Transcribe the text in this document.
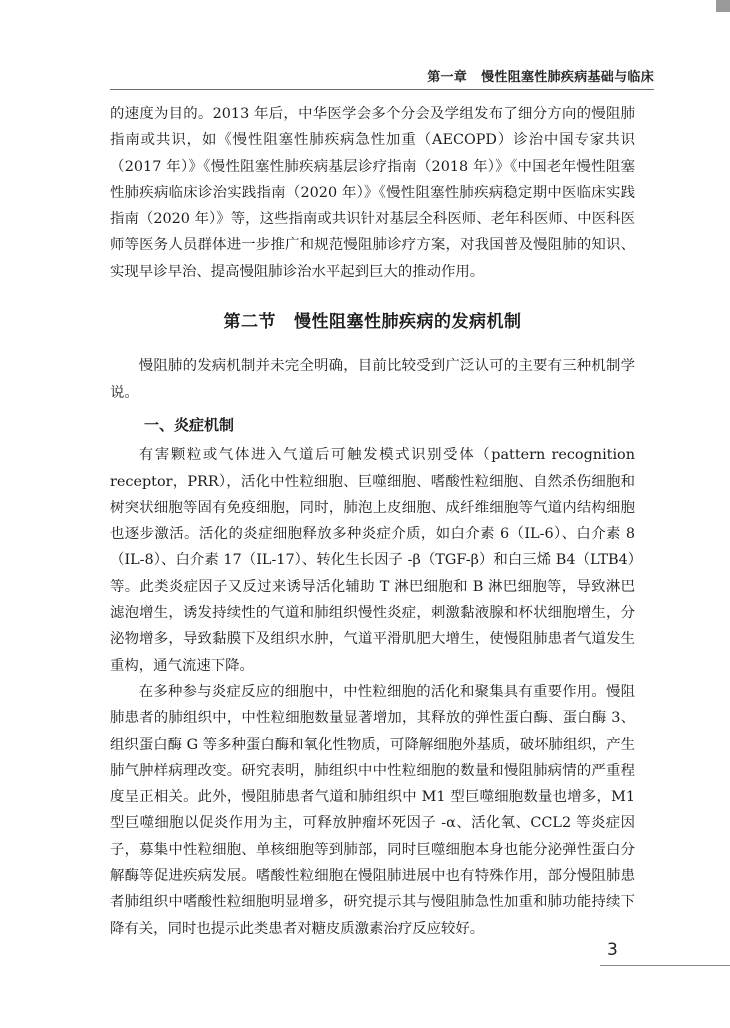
第一章 慢性阻塞性肺疾病基础与临床

的速度为目的。2013 年后，中华医学会多个分会及学组发布了细分方向的慢阻肺指南或共识，如《慢性阻塞性肺疾病急性加重（AECOPD）诊治中国专家共识（2017 年）》《慢性阻塞性肺疾病基层诊疗指南（2018 年）》《中国老年慢性阻塞性肺疾病临床诊治实践指南（2020 年）》《慢性阻塞性肺疾病稳定期中医临床实践指南（2020 年）》等，这些指南或共识针对基层全科医师、老年科医师、中医科医师等医务人员群体进一步推广和规范慢阻肺诊疗方案，对我国普及慢阻肺的知识、实现早诊早治、提高慢阻肺诊治水平起到巨大的推动作用。

第二节 慢性阻塞性肺疾病的发病机制

慢阻肺的发病机制并未完全明确，目前比较受到广泛认可的主要有三种机制学说。

一、炎症机制

有害颗粒或气体进入气道后可触发模式识别受体（pattern recognition receptor，PRR），活化中性粒细胞、巨噬细胞、嗜酸性粒细胞、自然杀伤细胞和树突状细胞等固有免疫细胞，同时，肺泡上皮细胞、成纤维细胞等气道内结构细胞也逐步激活。活化的炎症细胞释放多种炎症介质，如白介素 6（IL-6）、白介素 8（IL-8）、白介素 17（IL-17）、转化生长因子 -β（TGF-β）和白三烯 B4（LTB4）等。此类炎症因子又反过来诱导活化辅助 T 淋巴细胞和 B 淋巴细胞等，导致淋巴滤泡增生，诱发持续性的气道和肺组织慢性炎症，刺激黏液腺和杯状细胞增生，分泌物增多，导致黏膜下及组织水肿，气道平滑肌肥大增生，使慢阻肺患者气道发生重构，通气流速下降。

在多种参与炎症反应的细胞中，中性粒细胞的活化和聚集具有重要作用。慢阻肺患者的肺组织中，中性粒细胞数量显著增加，其释放的弹性蛋白酶、蛋白酶 3、组织蛋白酶 G 等多种蛋白酶和氧化性物质，可降解细胞外基质，破坏肺组织，产生肺气肿样病理改变。研究表明，肺组织中中性粒细胞的数量和慢阻肺病情的严重程度呈正相关。此外，慢阻肺患者气道和肺组织中 M1 型巨噬细胞数量也增多，M1 型巨噬细胞以促炎作用为主，可释放肿瘤坏死因子 -α、活化氧、CCL2 等炎症因子，募集中性粒细胞、单核细胞等到肺部，同时巨噬细胞本身也能分泌弹性蛋白分解酶等促进疾病发展。嗜酸性粒细胞在慢阻肺进展中也有特殊作用，部分慢阻肺患者肺组织中嗜酸性粒细胞明显增多，研究提示其与慢阻肺急性加重和肺功能持续下降有关，同时也提示此类患者对糖皮质激素治疗反应较好。

3
